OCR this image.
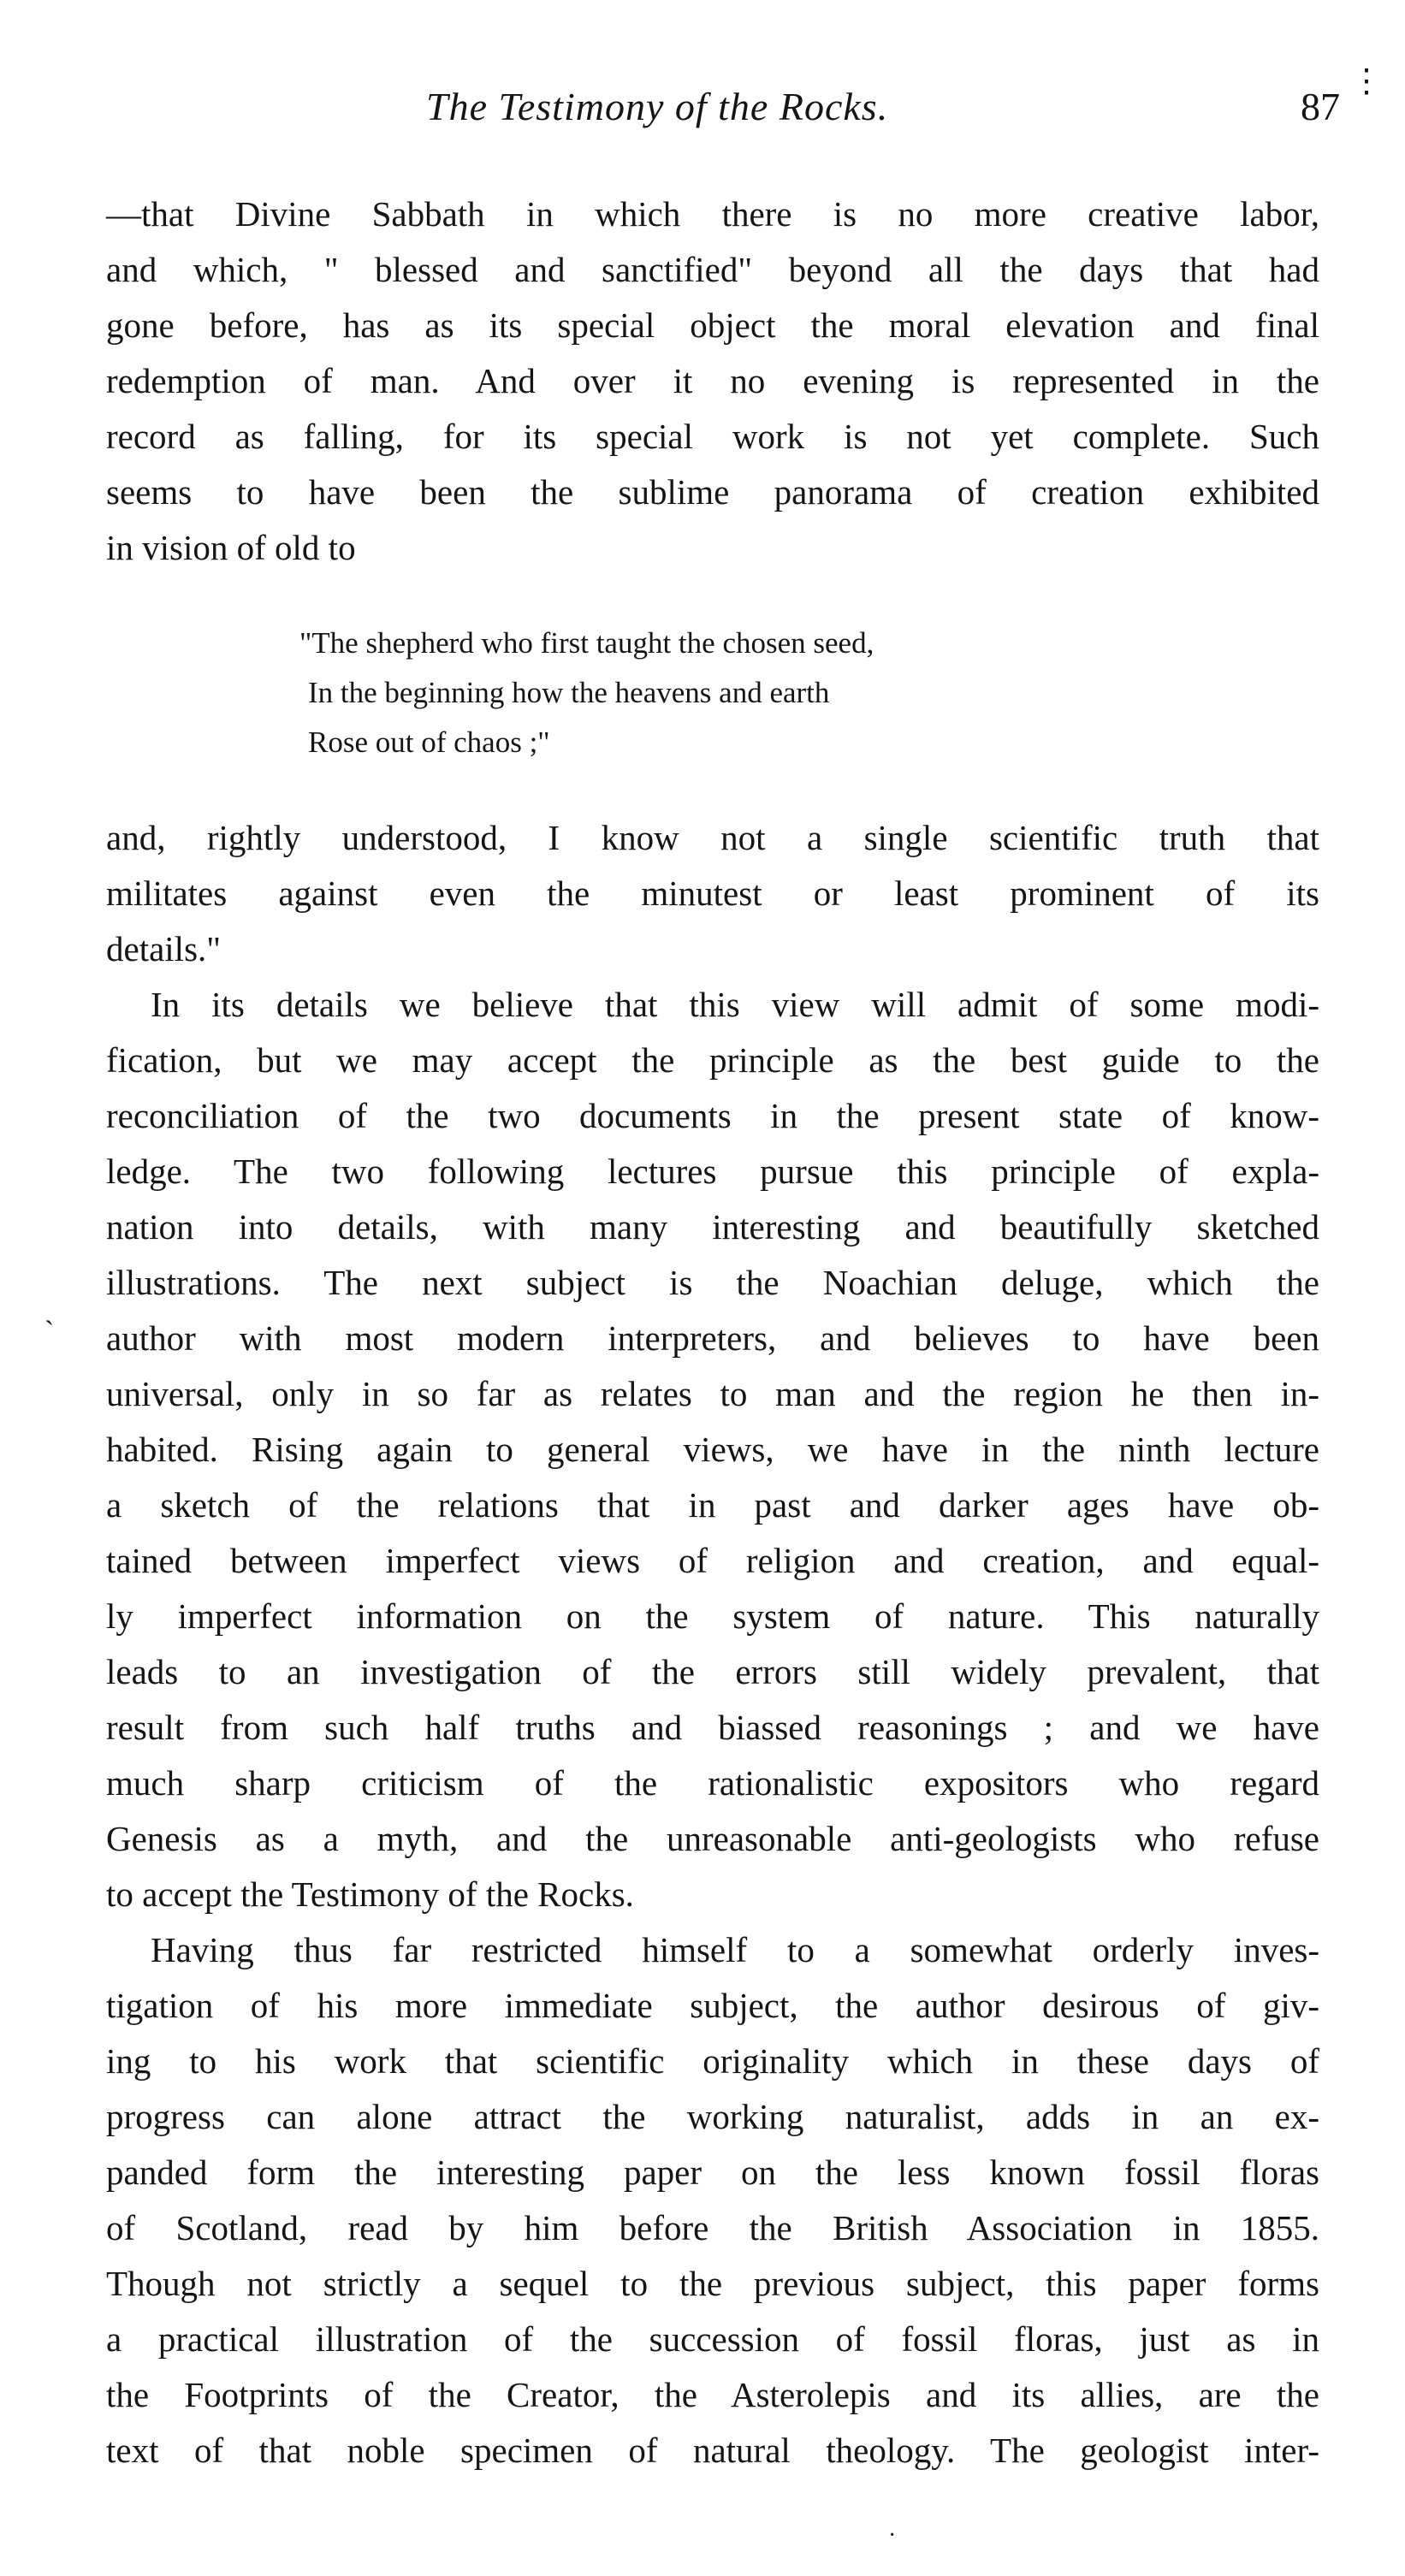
The Testimony of the Rocks.	87
⋮
`
—that Divine Sabbath in which there is no more creative labor,
and which, " blessed and sanctified" beyond all the days that had
gone before, has as its special object the moral elevation and final
redemption of man. And over it no evening is represented in the
record as falling, for its special work is not yet complete. Such
seems to have been the sublime panorama of creation exhibited
in vision of old to
"The shepherd who first taught the chosen seed,
In the beginning how the heavens and earth
Rose out of chaos ;"
and, rightly understood, I know not a single scientific truth that
militates against even the minutest or least prominent of its
details."
In its details we believe that this view will admit of some modi-
fication, but we may accept the principle as the best guide to the
reconciliation of the two documents in the present state of know-
ledge. The two following lectures pursue this principle of expla-
nation into details, with many interesting and beautifully sketched
illustrations. The next subject is the Noachian deluge, which the
author with most modern interpreters, and believes to have been
universal, only in so far as relates to man and the region he then in-
habited. Rising again to general views, we have in the ninth lecture
a sketch of the relations that in past and darker ages have ob-
tained between imperfect views of religion and creation, and equal-
ly imperfect information on the system of nature. This naturally
leads to an investigation of the errors still widely prevalent, that
result from such half truths and biassed reasonings ; and we have
much sharp criticism of the rationalistic expositors who regard
Genesis as a myth, and the unreasonable anti-geologists who refuse
to accept the Testimony of the Rocks.
Having thus far restricted himself to a somewhat orderly inves-
tigation of his more immediate subject, the author desirous of giv-
ing to his work that scientific originality which in these days of
progress can alone attract the working naturalist, adds in an ex-
panded form the interesting paper on the less known fossil floras
of Scotland, read by him before the British Association in 1855.
Though not strictly a sequel to the previous subject, this paper forms
a practical illustration of the succession of fossil floras, just as in
the Footprints of the Creator, the Asterolepis and its allies, are the
text of that noble specimen of natural theology. The geologist inter-
·
